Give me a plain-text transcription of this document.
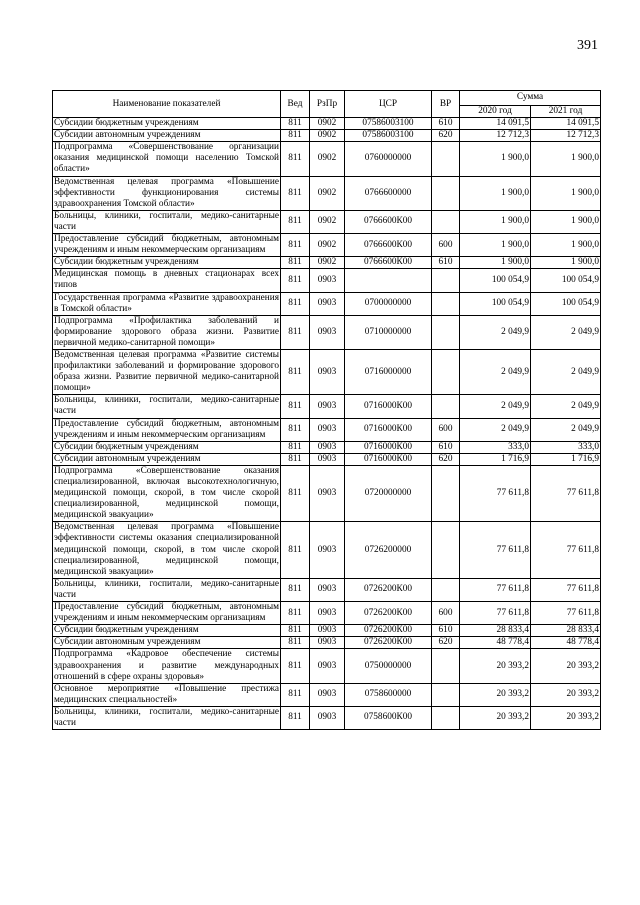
391
Наименование показателей	Вед	РзПр	ЦСР	ВР	Сумма	
					2020 год	2021 год
Субсидии бюджетным учреждениям	811	0902	07586003100	610	14 091,5	14 091,5
Субсидии автономным учреждениям	811	0902	07586003100	620	12 712,3	12 712,3
Подпрограмма «Совершенствование организации оказания медицинской помощи населению Томской области»	811	0902	0760000000		1 900,0	1 900,0
Ведомственная целевая программа «Повышение эффективности функционирования системы здравоохранения Томской области»	811	0902	0766600000		1 900,0	1 900,0
Больницы, клиники, госпитали, медико-санитарные части	811	0902	0766600К00		1 900,0	1 900,0
Предоставление субсидий бюджетным, автономным учреждениям и иным некоммерческим организациям	811	0902	0766600К00	600	1 900,0	1 900,0
Субсидии бюджетным учреждениям	811	0902	0766600К00	610	1 900,0	1 900,0
Медицинская помощь в дневных стационарах всех типов	811	0903			100 054,9	100 054,9
Государственная программа «Развитие здравоохранения в Томской области»	811	0903	0700000000		100 054,9	100 054,9
Подпрограмма «Профилактика заболеваний и формирование здорового образа жизни. Развитие первичной медико-санитарной помощи»	811	0903	0710000000		2 049,9	2 049,9
Ведомственная целевая программа «Развитие системы профилактики заболеваний и формирование здорового образа жизни. Развитие первичной медико-санитарной помощи»	811	0903	0716000000		2 049,9	2 049,9
Больницы, клиники, госпитали, медико-санитарные части	811	0903	0716000К00		2 049,9	2 049,9
Предоставление субсидий бюджетным, автономным учреждениям и иным некоммерческим организациям	811	0903	0716000К00	600	2 049,9	2 049,9
Субсидии бюджетным учреждениям	811	0903	0716000К00	610	333,0	333,0
Субсидии автономным учреждениям	811	0903	0716000К00	620	1 716,9	1 716,9
Подпрограмма «Совершенствование оказания специализированной, включая высокотехнологичную, медицинской помощи, скорой, в том числе скорой специализированной, медицинской помощи, медицинской эвакуации»	811	0903	0720000000		77 611,8	77 611,8
Ведомственная целевая программа «Повышение эффективности системы оказания специализированной медицинской помощи, скорой, в том числе скорой специализированной, медицинской помощи, медицинской эвакуации»	811	0903	0726200000		77 611,8	77 611,8
Больницы, клиники, госпитали, медико-санитарные части	811	0903	0726200К00		77 611,8	77 611,8
Предоставление субсидий бюджетным, автономным учреждениям и иным некоммерческим организациям	811	0903	0726200К00	600	77 611,8	77 611,8
Субсидии бюджетным учреждениям	811	0903	0726200К00	610	28 833,4	28 833,4
Субсидии автономным учреждениям	811	0903	0726200К00	620	48 778,4	48 778,4
Подпрограмма «Кадровое обеспечение системы здравоохранения и развитие международных отношений в сфере охраны здоровья»	811	0903	0750000000		20 393,2	20 393,2
Основное мероприятие «Повышение престижа медицинских специальностей»	811	0903	0758600000		20 393,2	20 393,2
Больницы, клиники, госпитали, медико-санитарные части	811	0903	0758600К00		20 393,2	20 393,2
